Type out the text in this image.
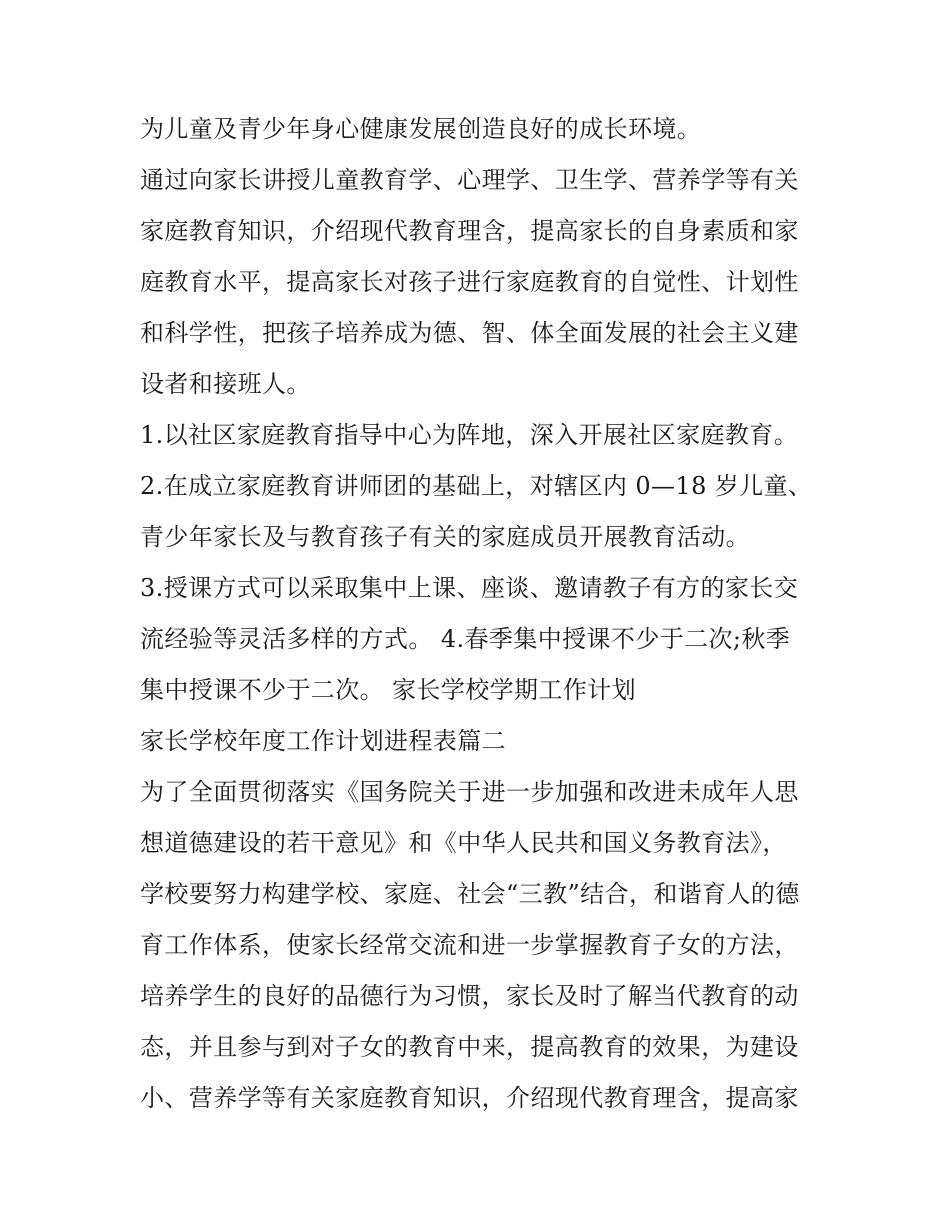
为儿童及青少年身心健康发展创造良好的成长环境。
通过向家长讲授儿童教育学、心理学、卫生学、营养学等有关
家庭教育知识，介绍现代教育理含，提高家长的自身素质和家
庭教育水平，提高家长对孩子进行家庭教育的自觉性、计划性
和科学性，把孩子培养成为德、智、体全面发展的社会主义建
设者和接班人。
1.以社区家庭教育指导中心为阵地，深入开展社区家庭教育。
2.在成立家庭教育讲师团的基础上，对辖区内 0—18 岁儿童、
青少年家长及与教育孩子有关的家庭成员开展教育活动。
3.授课方式可以采取集中上课、座谈、邀请教子有方的家长交
流经验等灵活多样的方式。 4.春季集中授课不少于二次;秋季
集中授课不少于二次。 家长学校学期工作计划
家长学校年度工作计划进程表篇二
为了全面贯彻落实《国务院关于进一步加强和改进未成年人思
想道德建设的若干意见》和《中华人民共和国义务教育法》，
学校要努力构建学校、家庭、社会“三教”结合，和谐育人的德
育工作体系，使家长经常交流和进一步掌握教育子女的方法，
培养学生的良好的品德行为习惯，家长及时了解当代教育的动
态，并且参与到对子女的教育中来，提高教育的效果，为建设
小、营养学等有关家庭教育知识，介绍现代教育理含，提高家
